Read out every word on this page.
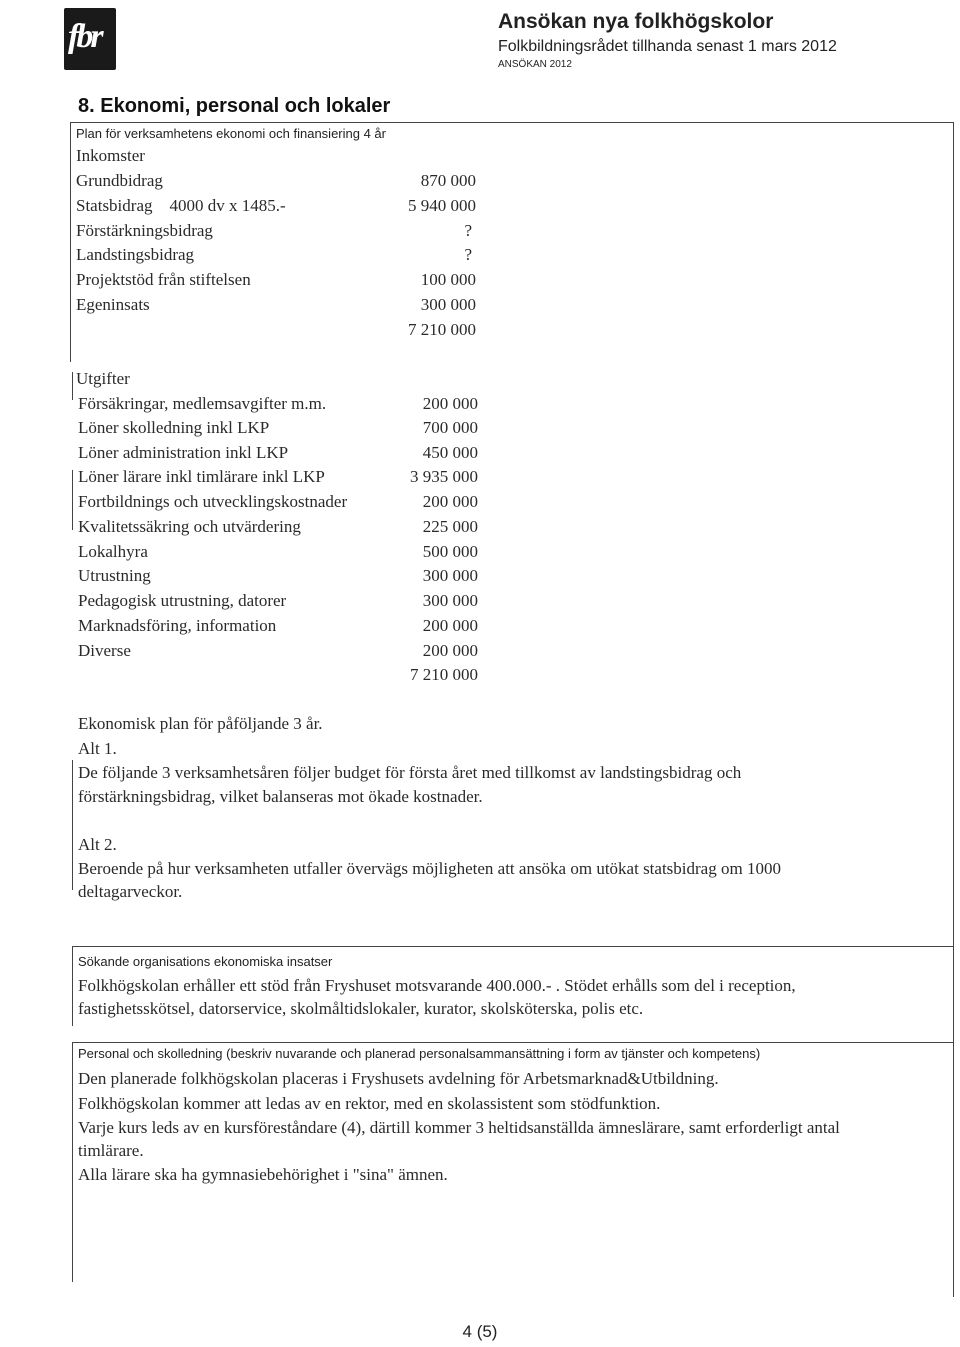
fbr	Ansökan nya folkhögskolor
Folkbildningsrådet tillhanda senast 1 mars 2012
ANSÖKAN 2012
8. Ekonomi, personal och lokaler
Plan för verksamhetens ekonomi och finansiering 4 år
Inkomster
Grundbidrag	870 000
Statsbidrag    4000 dv x 1485.-	5 940 000
Förstärkningsbidrag	?
Landstingsbidrag	?
Projektstöd från stiftelsen	100 000
Egeninsats	300 000
7 210 000
Utgifter
Försäkringar, medlemsavgifter m.m.	200 000
Löner skolledning inkl LKP	700 000
Löner administration inkl LKP	450 000
Löner lärare inkl timlärare inkl LKP	3 935 000
Fortbildnings och utvecklingskostnader	200 000
Kvalitetssäkring och utvärdering	225 000
Lokalhyra	500 000
Utrustning	300 000
Pedagogisk utrustning, datorer	300 000
Marknadsföring, information	200 000
Diverse	200 000
7 210 000
Ekonomisk plan för påföljande 3 år.
Alt 1.
De följande 3 verksamhetsåren följer budget för första året med tillkomst av landstingsbidrag och
förstärkningsbidrag, vilket balanseras mot ökade kostnader.
Alt 2.
Beroende på hur verksamheten utfaller övervägs möjligheten att ansöka om utökat statsbidrag om 1000
deltagarveckor.
Sökande organisations ekonomiska insatser
Folkhögskolan erhåller ett stöd från Fryshuset motsvarande 400.000.- . Stödet erhålls som del i reception,
fastighetsskötsel, datorservice, skolmåltidslokaler, kurator, skolsköterska, polis etc.
Personal och skolledning (beskriv nuvarande och planerad personalsammansättning i form av tjänster och kompetens)
Den planerade folkhögskolan placeras i Fryshusets avdelning för Arbetsmarknad&Utbildning.
Folkhögskolan kommer att ledas av en rektor, med en skolassistent som stödfunktion.
Varje kurs leds av en kursföreståndare (4), därtill kommer 3 heltidsanställda ämneslärare, samt erforderligt antal
timlärare.
Alla lärare ska ha gymnasiebehörighet i "sina" ämnen.
4 (5)
